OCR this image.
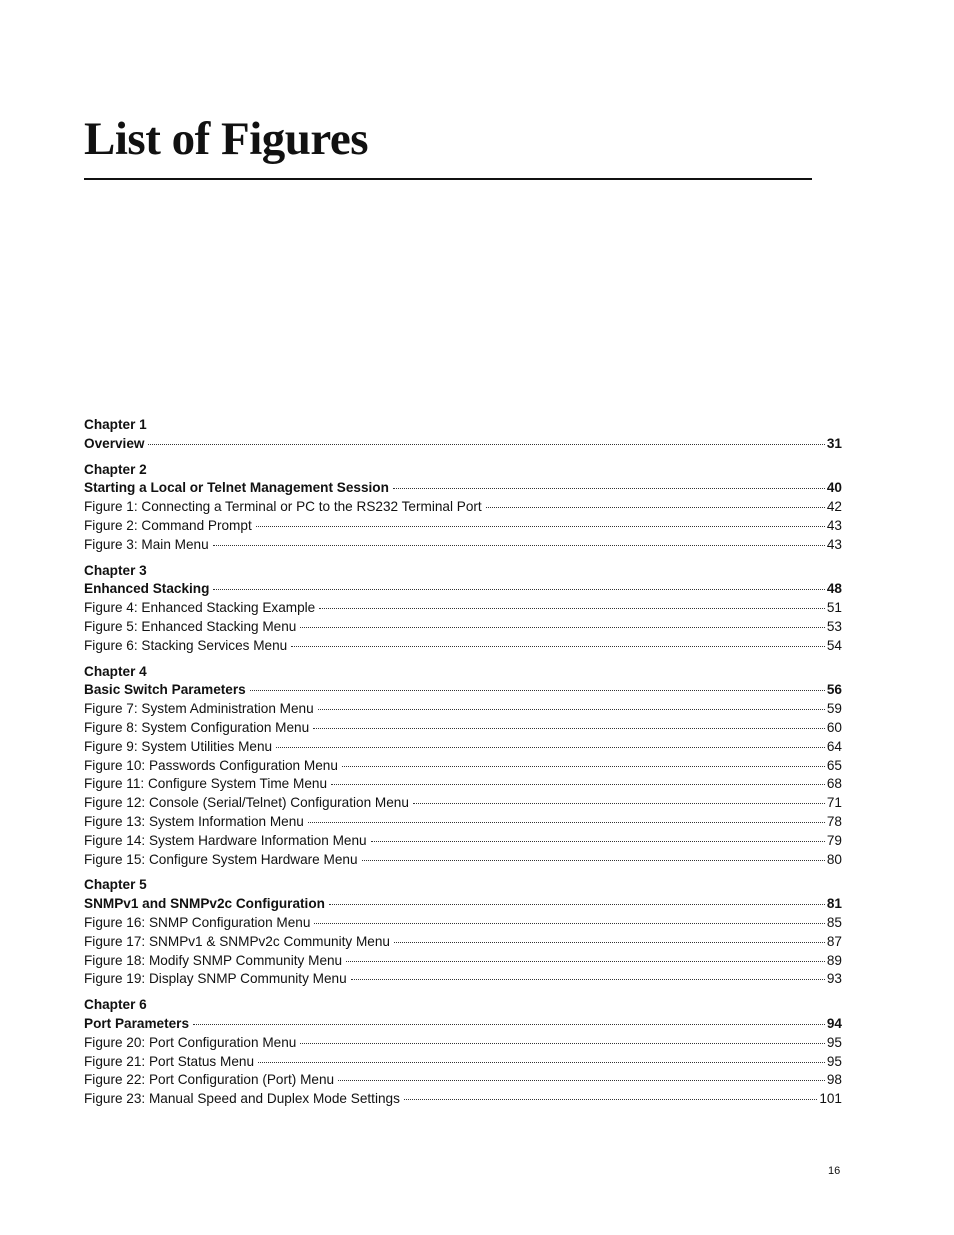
List of Figures
Chapter 1
Overview	31
Chapter 2
Starting a Local or Telnet Management Session	40
Figure 1: Connecting a Terminal or PC to the RS232 Terminal Port	42
Figure 2: Command Prompt	43
Figure 3: Main Menu	43
Chapter 3
Enhanced Stacking	48
Figure 4: Enhanced Stacking Example	51
Figure 5: Enhanced Stacking Menu	53
Figure 6: Stacking Services Menu	54
Chapter 4
Basic Switch Parameters	56
Figure 7: System Administration Menu	59
Figure 8: System Configuration Menu	60
Figure 9: System Utilities Menu	64
Figure 10: Passwords Configuration Menu	65
Figure 11: Configure System Time Menu	68
Figure 12: Console (Serial/Telnet) Configuration Menu	71
Figure 13: System Information Menu	78
Figure 14: System Hardware Information Menu	79
Figure 15: Configure System Hardware Menu	80
Chapter 5
SNMPv1 and SNMPv2c Configuration	81
Figure 16: SNMP Configuration Menu	85
Figure 17: SNMPv1 & SNMPv2c Community Menu	87
Figure 18: Modify SNMP Community Menu	89
Figure 19: Display SNMP Community Menu	93
Chapter 6
Port Parameters	94
Figure 20: Port Configuration Menu	95
Figure 21: Port Status Menu	95
Figure 22: Port Configuration (Port) Menu	98
Figure 23: Manual Speed and Duplex Mode Settings	101
16
